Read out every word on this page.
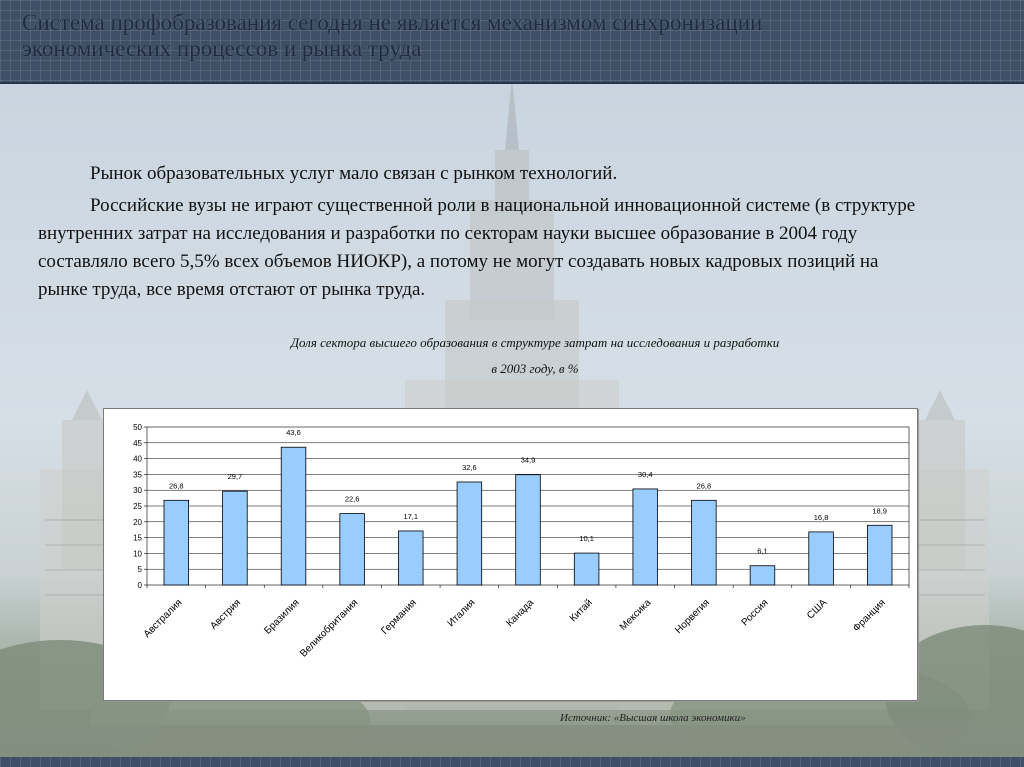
Система профобразования сегодня не является механизмом синхронизации
экономических процессов и рынка труда

Рынок образовательных услуг мало связан с рынком технологий.

Российские вузы не играют существенной роли в национальной инновационной системе (в структуре внутренних затрат на исследования и разработки по секторам науки высшее образование в 2004 году составляло всего 5,5% всех объемов НИОКР), а потому не могут создавать новых кадровых позиций на рынке труда, все время отстают от рынка труда.

Доля сектора высшего образования в структуре затрат на исследования и разработки
в 2003 году, в %
0
5
10
15
20
25
30
35
40
45
50
26,8
29,7
43,6
22,6
17,1
32,6
34,9
10,1
30,4
26,8
6,1
16,8
18,9
Австралия Австрия Бразилия
Великобритания Германия	Италия	Канада	Китай Мексика Норвегия	Россия	США Франция
Источник: «Высшая школа экономики»
